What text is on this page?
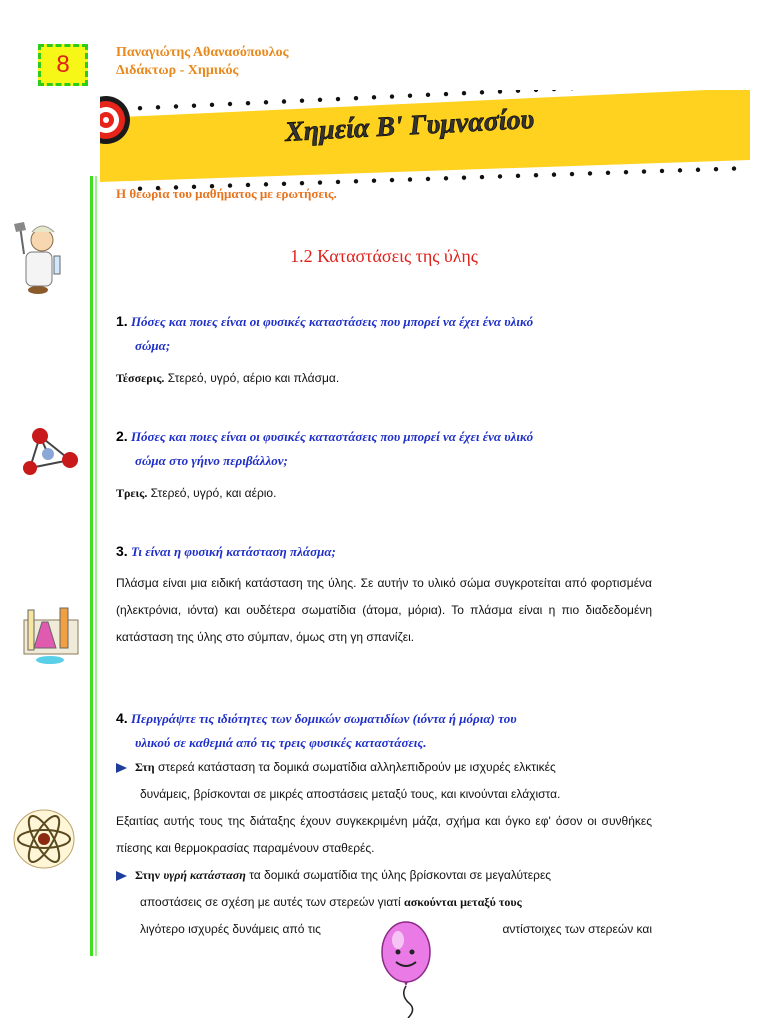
8	Παναγιώτης Αθανασόπουλος
Διδάκτωρ - Χημικός
Χημεία Β' Γυμνασίου
Η θεωρία του μαθήματος με ερωτήσεις.
1.2 Καταστάσεις της ύλης
1. Πόσες και ποιες είναι οι φυσικές καταστάσεις που μπορεί να έχει ένα υλικό
σώμα;
Τέσσερις. Στερεό, υγρό, αέριο και πλάσμα.
2. Πόσες και ποιες είναι οι φυσικές καταστάσεις που μπορεί να έχει ένα υλικό
σώμα στο γήινο περιβάλλον;
Τρεις. Στερεό, υγρό, και αέριο.
3. Τι είναι η φυσική κατάσταση πλάσμα;
Πλάσμα είναι μια ειδική κατάσταση της ύλης. Σε αυτήν το υλικό σώμα συγκροτείται από φορτισμένα (ηλεκτρόνια, ιόντα) και ουδέτερα σωματίδια (άτομα, μόρια). Το πλάσμα είναι η πιο διαδεδομένη κατάσταση της ύλης στο σύμπαν, όμως στη γη σπανίζει.
4. Περιγράψτε τις ιδιότητες των δομικών σωματιδίων (ιόντα ή μόρια) του
υλικού σε καθεμιά από τις τρεις φυσικές καταστάσεις.
Στη στερεά κατάσταση τα δομικά σωματίδια αλληλεπιδρούν με ισχυρές ελκτικές
δυνάμεις, βρίσκονται σε μικρές αποστάσεις μεταξύ τους, και κινούνται ελάχιστα.
Εξαιτίας αυτής τους της διάταξης έχουν συγκεκριμένη μάζα, σχήμα και όγκο εφ' όσον οι συνθήκες πίεσης και θερμοκρασίας παραμένουν σταθερές.
Στην υγρή κατάσταση τα δομικά σωματίδια της ύλης βρίσκονται σε μεγαλύτερες
αποστάσεις σε σχέση με αυτές των στερεών γιατί ασκούνται μεταξύ τους
λιγότερο ισχυρές δυνάμεις από τις	αντίστοιχες των στερεών και
